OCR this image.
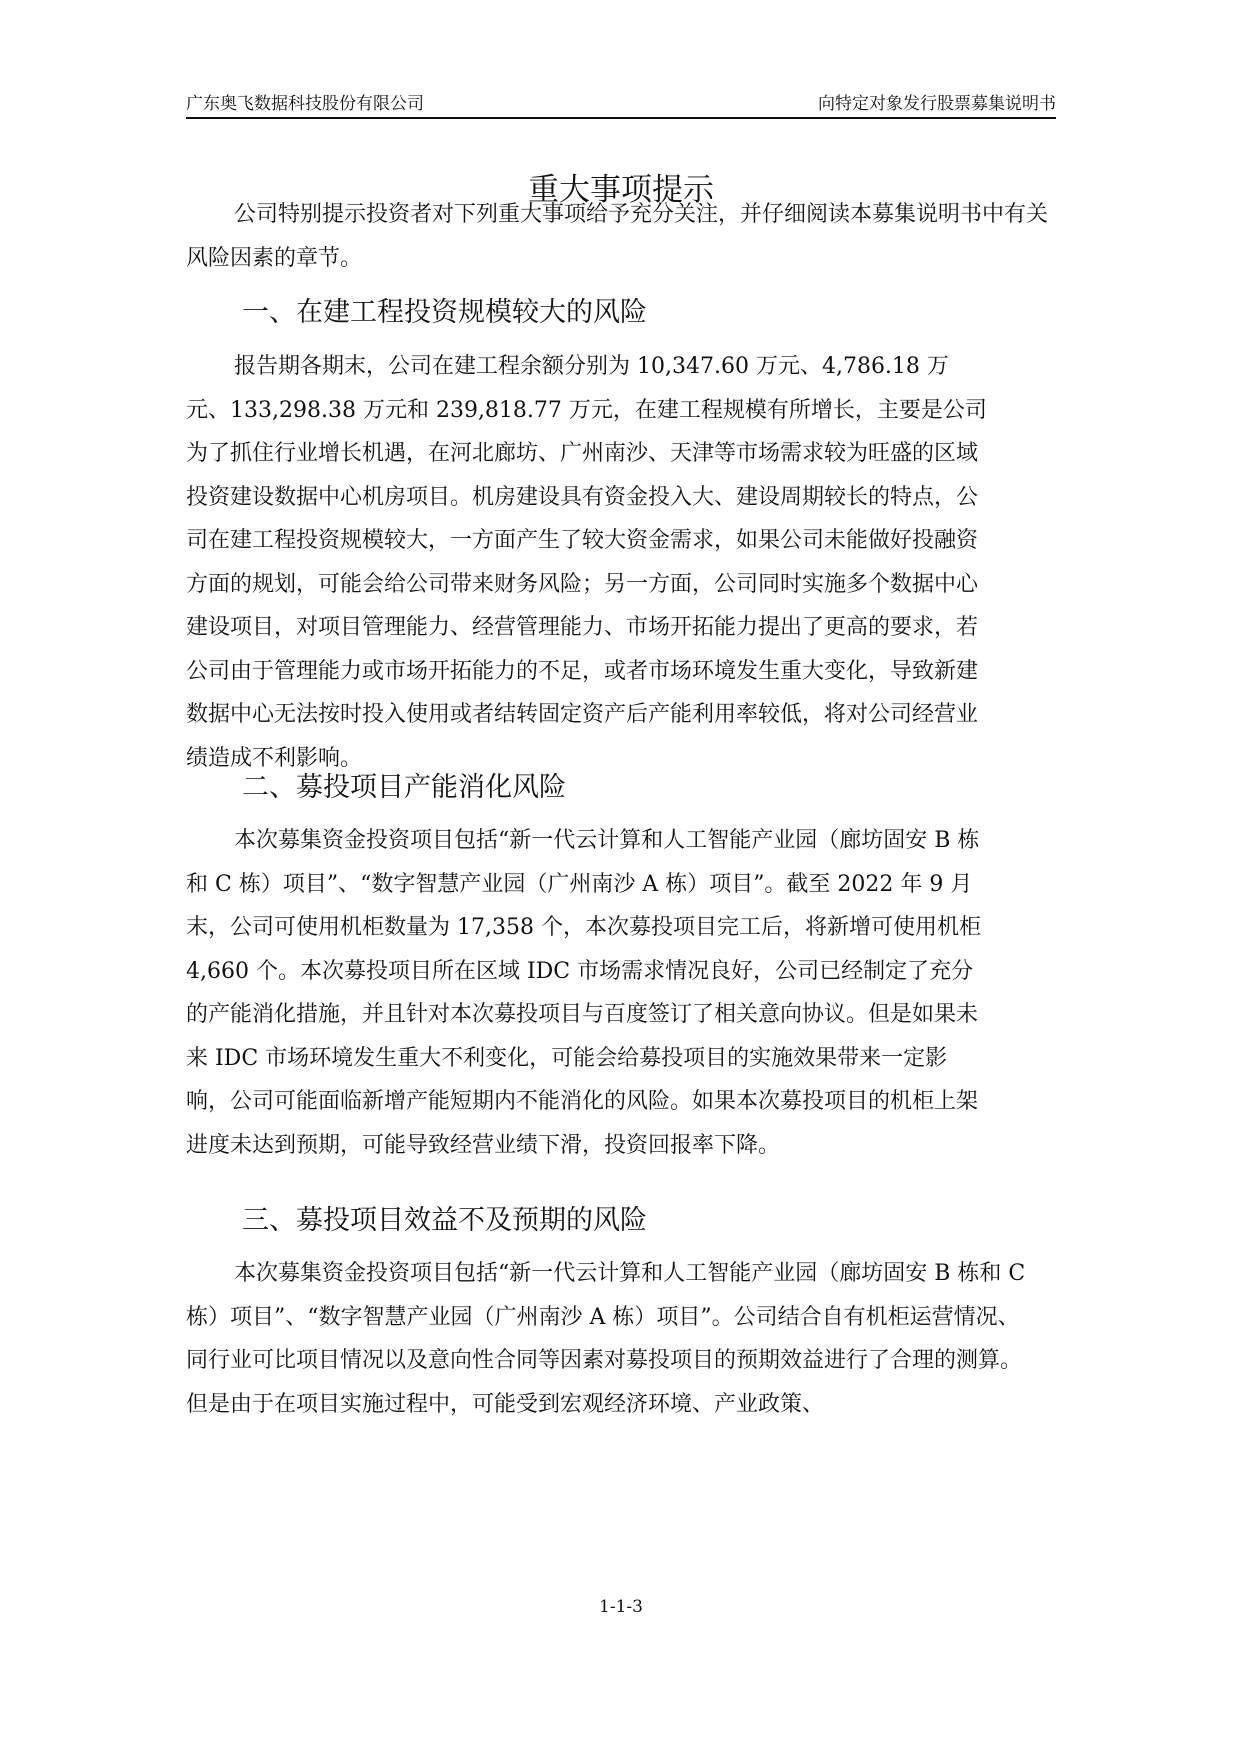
广东奥飞数据科技股份有限公司	向特定对象发行股票募集说明书
重大事项提示

公司特别提示投资者对下列重大事项给予充分关注，并仔细阅读本募集说明书中有关风险因素的章节。

一、在建工程投资规模较大的风险

报告期各期末，公司在建工程余额分别为 10,347.60 万元、4,786.18 万元、133,298.38 万元和 239,818.77 万元，在建工程规模有所增长，主要是公司为了抓住行业增长机遇，在河北廊坊、广州南沙、天津等市场需求较为旺盛的区域投资建设数据中心机房项目。机房建设具有资金投入大、建设周期较长的特点，公司在建工程投资规模较大，一方面产生了较大资金需求，如果公司未能做好投融资方面的规划，可能会给公司带来财务风险；另一方面，公司同时实施多个数据中心建设项目，对项目管理能力、经营管理能力、市场开拓能力提出了更高的要求，若公司由于管理能力或市场开拓能力的不足，或者市场环境发生重大变化，导致新建数据中心无法按时投入使用或者结转固定资产后产能利用率较低，将对公司经营业绩造成不利影响。

二、募投项目产能消化风险

本次募集资金投资项目包括“新一代云计算和人工智能产业园（廊坊固安 B 栋和 C 栋）项目”、“数字智慧产业园（广州南沙 A 栋）项目”。截至 2022 年 9 月末，公司可使用机柜数量为 17,358 个，本次募投项目完工后，将新增可使用机柜 4,660 个。本次募投项目所在区域 IDC 市场需求情况良好，公司已经制定了充分的产能消化措施，并且针对本次募投项目与百度签订了相关意向协议。但是如果未来 IDC 市场环境发生重大不利变化，可能会给募投项目的实施效果带来一定影响，公司可能面临新增产能短期内不能消化的风险。如果本次募投项目的机柜上架进度未达到预期，可能导致经营业绩下滑，投资回报率下降。

三、募投项目效益不及预期的风险

本次募集资金投资项目包括“新一代云计算和人工智能产业园（廊坊固安 B 栋和 C 栋）项目”、“数字智慧产业园（广州南沙 A 栋）项目”。公司结合自有机柜运营情况、同行业可比项目情况以及意向性合同等因素对募投项目的预期效益进行了合理的测算。但是由于在项目实施过程中，可能受到宏观经济环境、产业政策、

1-1-3
